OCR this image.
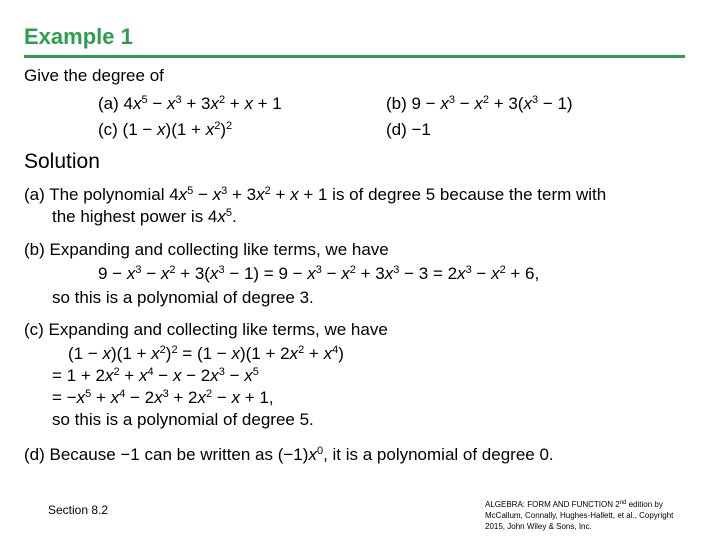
Example 1
Give the degree of
(a) $4x^5 - x^3 + 3x^2 + x + 1$	(b) $9 - x^3 - x^2 + 3(x^3 - 1)$
(c) $(1 - x)(1 + x^2)^2$	(d) −1
Solution
(a) The polynomial $4x^5 - x^3 + 3x^2 + x + 1$ is of degree 5 because the term with
the highest power is $4x^5$.
(b) Expanding and collecting like terms, we have
$9 - x^3 - x^2 + 3(x^3 - 1) = 9 - x^3 - x^2 + 3x^3 - 3 = 2x^3 - x^2 + 6$,
so this is a polynomial of degree 3.
(c) Expanding and collecting like terms, we have
$(1 - x)(1 + x^2)^2 = (1 - x)(1 + 2x^2 + x^4)$
= $1 + 2x^2 + x^4 - x - 2x^3 - x^5$
= $-x^5 + x^4 - 2x^3 + 2x^2 - x + 1$,
so this is a polynomial of degree 5.
(d) Because −1 can be written as $(-1)x^0$, it is a polynomial of degree 0.
Section 8.2	ALGEBRA: FORM AND FUNCTION 2nd edition by McCallum, Connally, Hughes-Hallett, et al., Copyright 2015, John Wiley & Sons, Inc.
